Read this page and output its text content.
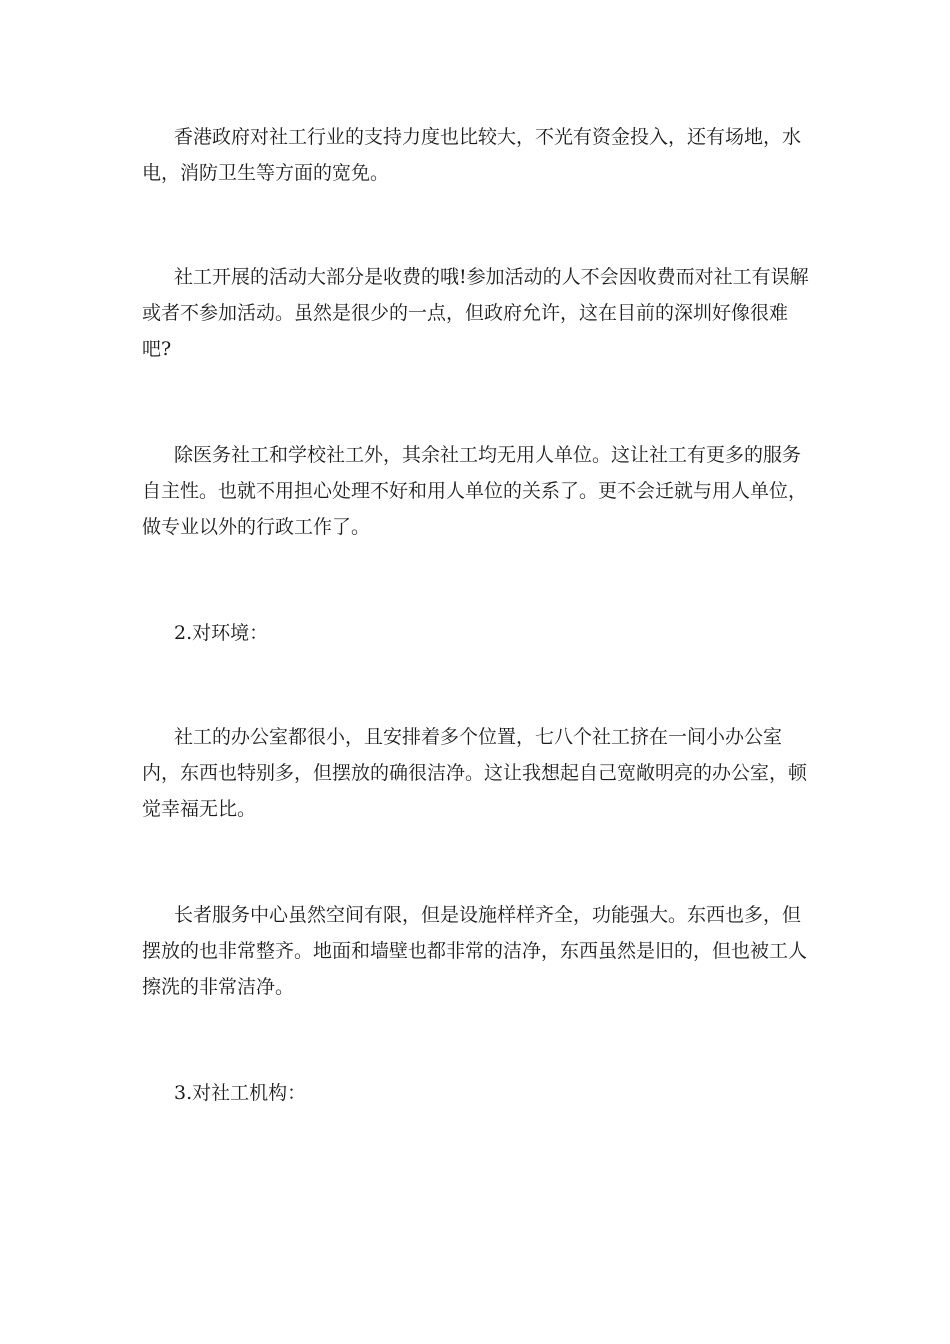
香港政府对社工行业的支持力度也比较大，不光有资金投入，还有场地，水电，消防卫生等方面的宽免。

社工开展的活动大部分是收费的哦!参加活动的人不会因收费而对社工有误解或者不参加活动。虽然是很少的一点，但政府允许，这在目前的深圳好像很难吧?

除医务社工和学校社工外，其余社工均无用人单位。这让社工有更多的服务自主性。也就不用担心处理不好和用人单位的关系了。更不会迁就与用人单位，做专业以外的行政工作了。

2.对环境：

社工的办公室都很小，且安排着多个位置，七八个社工挤在一间小办公室内，东西也特别多，但摆放的确很洁净。这让我想起自己宽敞明亮的办公室，顿觉幸福无比。

长者服务中心虽然空间有限，但是设施样样齐全，功能强大。东西也多，但摆放的也非常整齐。地面和墙壁也都非常的洁净，东西虽然是旧的，但也被工人擦洗的非常洁净。

3.对社工机构：
